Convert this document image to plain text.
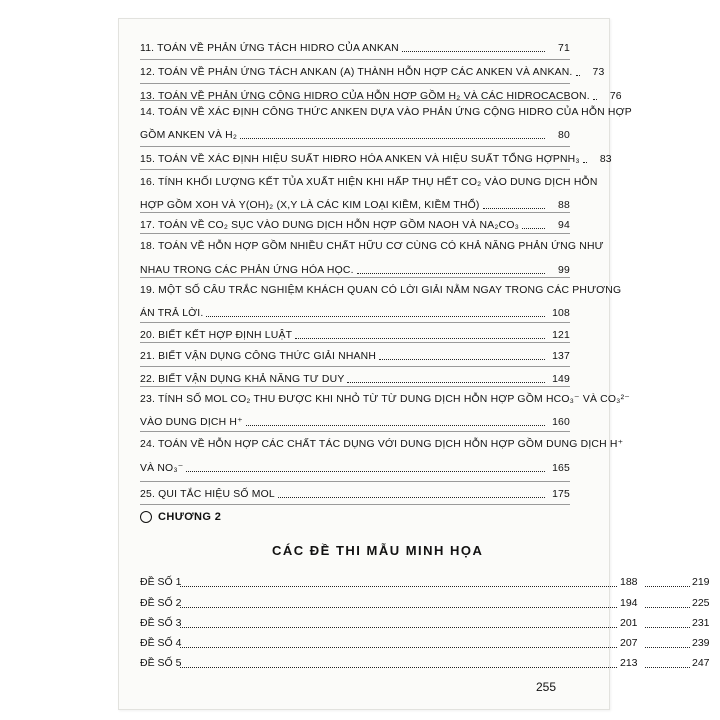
11. TOÁN VỀ PHẢN ỨNG TÁCH HIDRO CỦA ANKAN	71
12. TOÁN VỀ PHẢN ỨNG TÁCH ANKAN (A) THÀNH HỖN HỢP CÁC ANKEN VÀ ANKAN.	73
13. TOÁN VỀ PHẢN ỨNG CỘNG HIDRO CỦA HỖN HỢP GỒM H₂ VÀ CÁC HIDROCACBON.	76
14. TOÁN VỀ XÁC ĐỊNH CÔNG THỨC ANKEN DỰA VÀO PHẢN ỨNG CỘNG HIDRO CỦA HỖN HỢP
GỒM ANKEN VÀ H₂	80
15. TOÁN VỀ XÁC ĐỊNH HIỆU SUẤT HIĐRO HÓA ANKEN VÀ HIỆU SUẤT TỔNG HỢPNH₃	83
16. TÍNH KHỐI LƯỢNG KẾT TỦA XUẤT HIỆN KHI HẤP THỤ HẾT CO₂ VÀO DUNG DỊCH HỖN
HỢP GỒM XOH VÀ Y(OH)₂ (X,Y LÀ CÁC KIM LOẠI KIỀM, KIỀM THỔ)	88
17. TOÁN VỀ CO₂ SỤC VÀO DUNG DỊCH HỖN HỢP GỒM NAOH VÀ NA₂CO₃	94
18. TOÁN VỀ HỖN HỢP GỒM NHIỀU CHẤT HỮU CƠ CÙNG CÓ KHẢ NĂNG PHẢN ỨNG NHƯ
NHAU TRONG CÁC PHẢN ỨNG HÓA HỌC.	99
19. MỘT SỐ CÂU TRẮC NGHIỆM KHÁCH QUAN CÓ LỜI GIẢI NẰM NGAY TRONG CÁC PHƯƠNG
ÁN TRẢ LỜI.	108
20. BIẾT KẾT HỢP ĐỊNH LUẬT	121
21. BIẾT VẬN DỤNG CÔNG THỨC GIẢI NHANH	137
22. BIẾT VẬN DỤNG KHẢ NĂNG TƯ DUY	149
23. TÍNH SỐ MOL CO₂ THU ĐƯỢC KHI NHỎ TỪ TỪ DUNG DỊCH HỖN HỢP GỒM HCO₃⁻ VÀ CO₃²⁻
VÀO DUNG DỊCH H⁺	160
24. TOÁN VỀ HỖN HỢP CÁC CHẤT TÁC DỤNG VỚI DUNG DỊCH HỖN HỢP GỒM DUNG DỊCH H⁺
VÀ NO₃⁻	165
25. QUI TẮC HIỆU SỐ MOL	175
CHƯƠNG 2
CÁC ĐỀ THI MẪU MINH HỌA
ĐỀ SỐ 1	188	219
ĐỀ SỐ 2	194	225
ĐỀ SỐ 3	201	231
ĐỀ SỐ 4	207	239
ĐỀ SỐ 5	213	247
255
